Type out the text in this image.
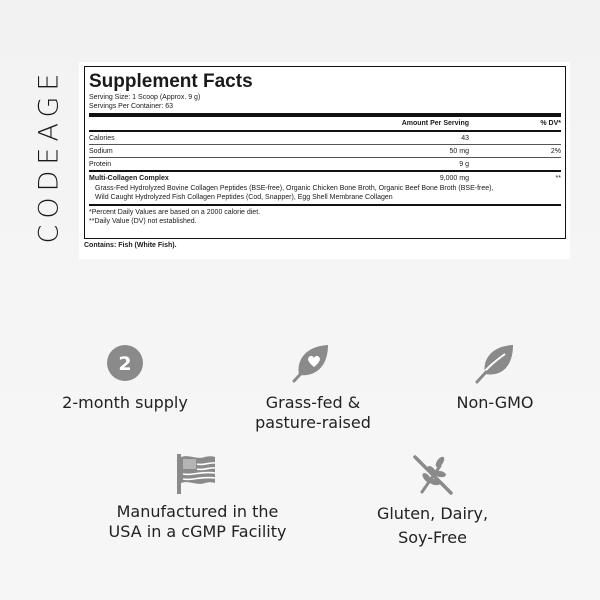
CODEAGE Supplement Facts
Serving Size: 1 Scoop (Approx. 9 g)
Servings Per Container: 63
Amount Per Serving	% DV*
Calories	43
Sodium	50 mg	2%
Protein	9 g
Multi-Collagen Complex	9,000 mg	**
Grass-Fed Hydrolyzed Bovine Collagen Peptides (BSE-free), Organic Chicken Bone Broth, Organic Beef Bone Broth (BSE-free),
Wild Caught Hydrolyzed Fish Collagen Peptides (Cod, Snapper), Egg Shell Membrane Collagen
*Percent Daily Values are based on a 2000 calorie diet.
**Daily Value (DV) not established.
Contains: Fish (White Fish).
2
2-month supply	Grass-fed &
pasture-raised
Non-GMO
Manufactured in the
USA in a cGMP Facility
Gluten, Dairy,
Soy-Free
